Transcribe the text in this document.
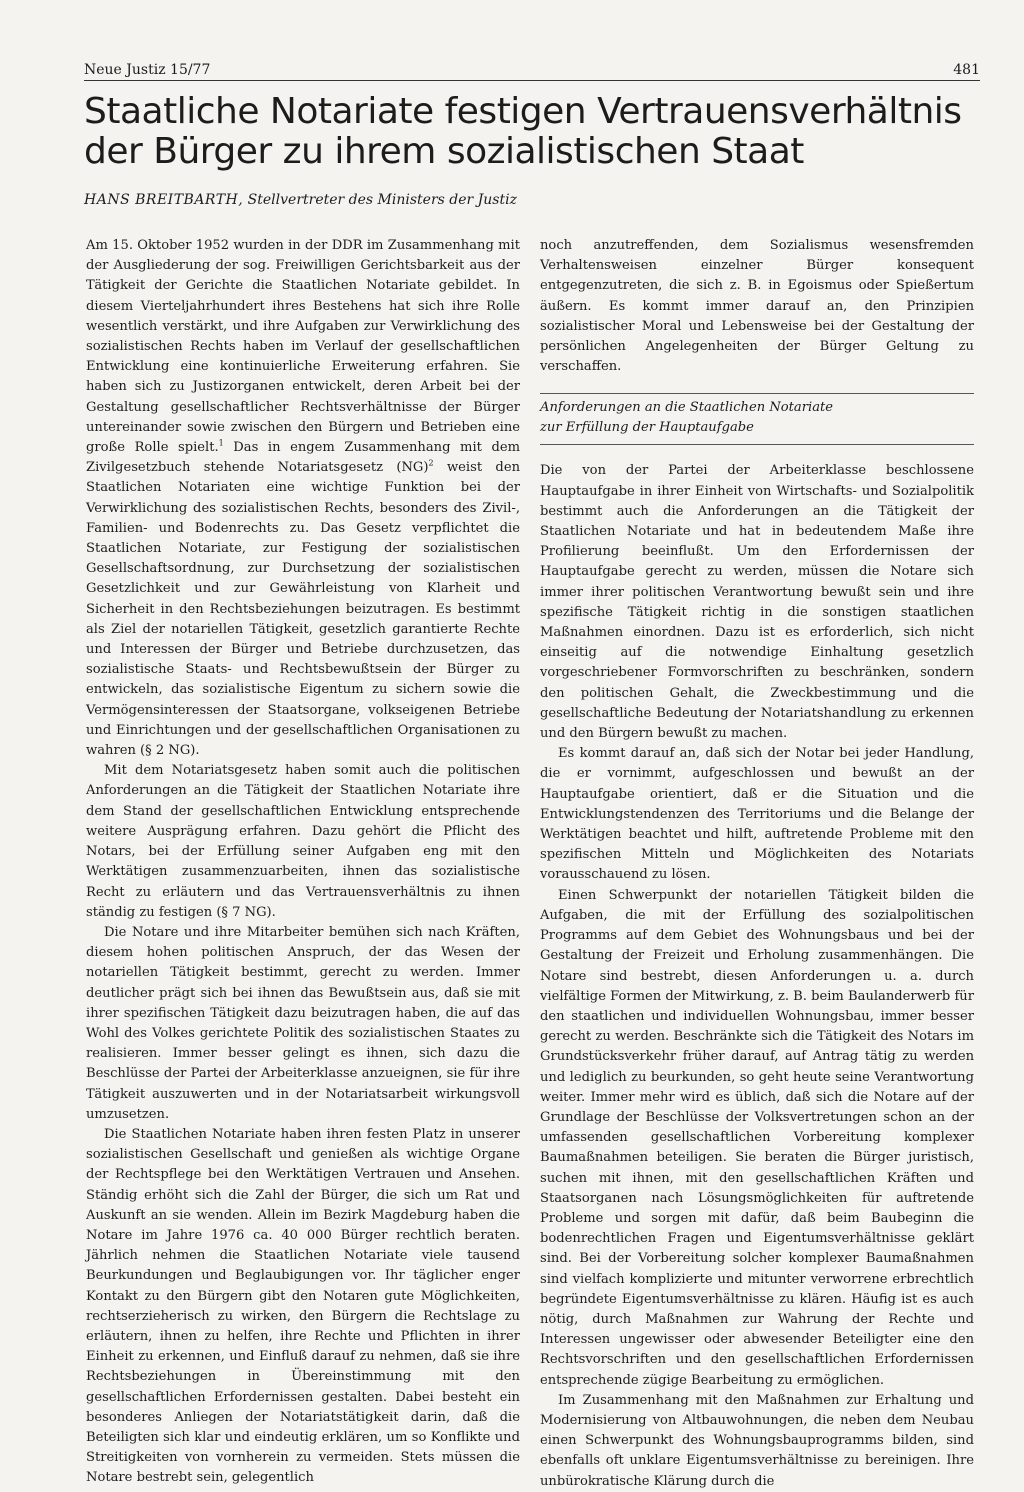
Neue Justiz 15/77	481
Staatliche Notariate festigen Vertrauensverhältnis
der Bürger zu ihrem sozialistischen Staat
HANS BREITBARTH, Stellvertreter des Ministers der Justiz

Am 15. Oktober 1952 wurden in der DDR im Zusammenhang mit der Ausgliederung der sog. Freiwilligen Gerichtsbarkeit aus der Tätigkeit der Gerichte die Staatlichen Notariate gebildet. In diesem Vierteljahrhundert ihres Bestehens hat sich ihre Rolle wesentlich verstärkt, und ihre Aufgaben zur Verwirklichung des sozialistischen Rechts haben im Verlauf der gesellschaftlichen Entwicklung eine kontinuierliche Erweiterung erfahren. Sie haben sich zu Justizorganen entwickelt, deren Arbeit bei der Gestaltung gesellschaftlicher Rechtsverhältnisse der Bürger untereinander sowie zwischen den Bürgern und Betrieben eine große Rolle spielt.$^1$ Das in engem Zusammenhang mit dem Zivilgesetzbuch stehende Notariatsgesetz (NG)$^2$ weist den Staatlichen Notariaten eine wichtige Funktion bei der Verwirklichung des sozialistischen Rechts, besonders des Zivil-, Familien- und Bodenrechts zu. Das Gesetz verpflichtet die Staatlichen Notariate, zur Festigung der sozialistischen Gesellschaftsordnung, zur Durchsetzung der sozialistischen Gesetzlichkeit und zur Gewährleistung von Klarheit und Sicherheit in den Rechtsbeziehungen beizutragen. Es bestimmt als Ziel der notariellen Tätigkeit, gesetzlich garantierte Rechte und Interessen der Bürger und Betriebe durchzusetzen, das sozialistische Staats- und Rechtsbewußtsein der Bürger zu entwickeln, das sozialistische Eigentum zu sichern sowie die Vermögensinteressen der Staatsorgane, volkseigenen Betriebe und Einrichtungen und der gesellschaftlichen Organisationen zu wahren (§ 2 NG).

Mit dem Notariatsgesetz haben somit auch die politischen Anforderungen an die Tätigkeit der Staatlichen Notariate ihre dem Stand der gesellschaftlichen Entwicklung entsprechende weitere Ausprägung erfahren. Dazu gehört die Pflicht des Notars, bei der Erfüllung seiner Aufgaben eng mit den Werktätigen zusammenzuarbeiten, ihnen das sozialistische Recht zu erläutern und das Vertrauensverhältnis zu ihnen ständig zu festigen (§ 7 NG).

Die Notare und ihre Mitarbeiter bemühen sich nach Kräften, diesem hohen politischen Anspruch, der das Wesen der notariellen Tätigkeit bestimmt, gerecht zu werden. Immer deutlicher prägt sich bei ihnen das Bewußtsein aus, daß sie mit ihrer spezifischen Tätigkeit dazu beizutragen haben, die auf das Wohl des Volkes gerichtete Politik des sozialistischen Staates zu realisieren. Immer besser gelingt es ihnen, sich dazu die Beschlüsse der Partei der Arbeiterklasse anzueignen, sie für ihre Tätigkeit auszuwerten und in der Notariatsarbeit wirkungsvoll umzusetzen.

Die Staatlichen Notariate haben ihren festen Platz in unserer sozialistischen Gesellschaft und genießen als wichtige Organe der Rechtspflege bei den Werktätigen Vertrauen und Ansehen. Ständig erhöht sich die Zahl der Bürger, die sich um Rat und Auskunft an sie wenden. Allein im Bezirk Magdeburg haben die Notare im Jahre 1976 ca. 40 000 Bürger rechtlich beraten. Jährlich nehmen die Staatlichen Notariate viele tausend Beurkundungen und Beglaubigungen vor. Ihr täglicher enger Kontakt zu den Bürgern gibt den Notaren gute Möglichkeiten, rechtserzieherisch zu wirken, den Bürgern die Rechtslage zu erläutern, ihnen zu helfen, ihre Rechte und Pflichten in ihrer Einheit zu erkennen, und Einfluß darauf zu nehmen, daß sie ihre Rechtsbeziehungen in Übereinstimmung mit den gesellschaftlichen Erfordernissen gestalten. Dabei besteht ein besonderes Anliegen der Notariatstätigkeit darin, daß die Beteiligten sich klar und eindeutig erklären, um so Konflikte und Streitigkeiten von vornherein zu vermeiden. Stets müssen die Notare bestrebt sein, gelegentlich

noch anzutreffenden, dem Sozialismus wesensfremden Verhaltensweisen einzelner Bürger konsequent entgegenzutreten, die sich z. B. in Egoismus oder Spießertum äußern. Es kommt immer darauf an, den Prinzipien sozialistischer Moral und Lebensweise bei der Gestaltung der persönlichen Angelegenheiten der Bürger Geltung zu verschaffen.

Anforderungen an die Staatlichen Notariate
zur Erfüllung der Hauptaufgabe

Die von der Partei der Arbeiterklasse beschlossene Hauptaufgabe in ihrer Einheit von Wirtschafts- und Sozialpolitik bestimmt auch die Anforderungen an die Tätigkeit der Staatlichen Notariate und hat in bedeutendem Maße ihre Profilierung beeinflußt. Um den Erfordernissen der Hauptaufgabe gerecht zu werden, müssen die Notare sich immer ihrer politischen Verantwortung bewußt sein und ihre spezifische Tätigkeit richtig in die sonstigen staatlichen Maßnahmen einordnen. Dazu ist es erforderlich, sich nicht einseitig auf die notwendige Einhaltung gesetzlich vorgeschriebener Formvorschriften zu beschränken, sondern den politischen Gehalt, die Zweckbestimmung und die gesellschaftliche Bedeutung der Notariatshandlung zu erkennen und den Bürgern bewußt zu machen.

Es kommt darauf an, daß sich der Notar bei jeder Handlung, die er vornimmt, aufgeschlossen und bewußt an der Hauptaufgabe orientiert, daß er die Situation und die Entwicklungstendenzen des Territoriums und die Belange der Werktätigen beachtet und hilft, auftretende Probleme mit den spezifischen Mitteln und Möglichkeiten des Notariats vorausschauend zu lösen.

Einen Schwerpunkt der notariellen Tätigkeit bilden die Aufgaben, die mit der Erfüllung des sozialpolitischen Programms auf dem Gebiet des Wohnungsbaus und bei der Gestaltung der Freizeit und Erholung zusammenhängen. Die Notare sind bestrebt, diesen Anforderungen u. a. durch vielfältige Formen der Mitwirkung, z. B. beim Baulanderwerb für den staatlichen und individuellen Wohnungsbau, immer besser gerecht zu werden. Beschränkte sich die Tätigkeit des Notars im Grundstücksverkehr früher darauf, auf Antrag tätig zu werden und lediglich zu beurkunden, so geht heute seine Verantwortung weiter. Immer mehr wird es üblich, daß sich die Notare auf der Grundlage der Beschlüsse der Volksvertretungen schon an der umfassenden gesellschaftlichen Vorbereitung komplexer Baumaßnahmen beteiligen. Sie beraten die Bürger juristisch, suchen mit ihnen, mit den gesellschaftlichen Kräften und Staatsorganen nach Lösungsmöglichkeiten für auftretende Probleme und sorgen mit dafür, daß beim Baubeginn die bodenrechtlichen Fragen und Eigentumsverhältnisse geklärt sind. Bei der Vorbereitung solcher komplexer Baumaßnahmen sind vielfach komplizierte und mitunter verworrene erbrechtlich begründete Eigentumsverhältnisse zu klären. Häufig ist es auch nötig, durch Maßnahmen zur Wahrung der Rechte und Interessen ungewisser oder abwesender Beteiligter eine den Rechtsvorschriften und den gesellschaftlichen Erfordernissen entsprechende zügige Bearbeitung zu ermöglichen.

Im Zusammenhang mit den Maßnahmen zur Erhaltung und Modernisierung von Altbauwohnungen, die neben dem Neubau einen Schwerpunkt des Wohnungsbauprogramms bilden, sind ebenfalls oft unklare Eigentumsverhältnisse zu bereinigen. Ihre unbürokratische Klärung durch die
